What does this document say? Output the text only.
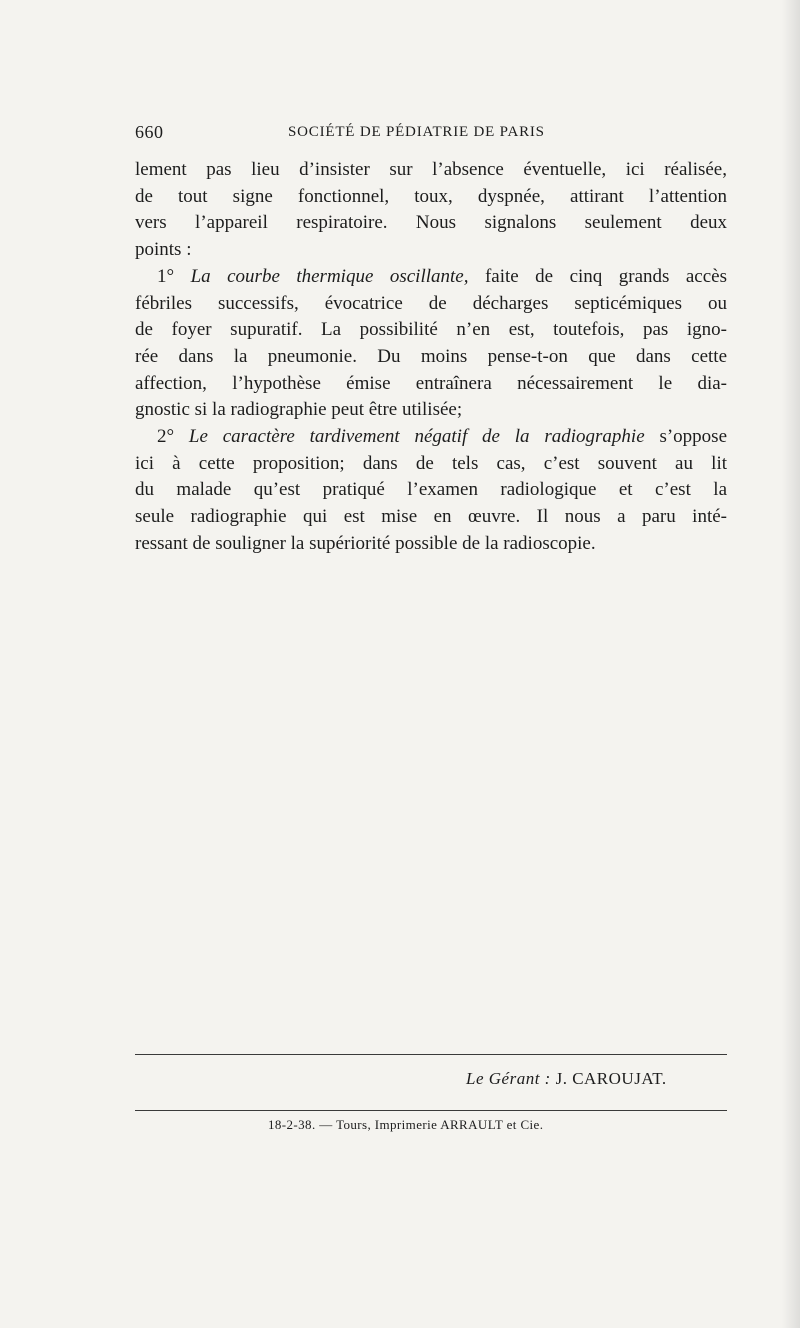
660	SOCIÉTÉ DE PÉDIATRIE DE PARIS
lement pas lieu d’insister sur l’absence éventuelle, ici réalisée,
de tout signe fonctionnel, toux, dyspnée, attirant l’attention
vers l’appareil respiratoire. Nous signalons seulement deux
points :
1° La courbe thermique oscillante, faite de cinq grands accès
fébriles successifs, évocatrice de décharges septicémiques ou
de foyer supuratif. La possibilité n’en est, toutefois, pas igno-
rée dans la pneumonie. Du moins pense-t-on que dans cette
affection, l’hypothèse émise entraînera nécessairement le dia-
gnostic si la radiographie peut être utilisée;
2° Le caractère tardivement négatif de la radiographie s’oppose
ici à cette proposition; dans de tels cas, c’est souvent au lit
du malade qu’est pratiqué l’examen radiologique et c’est la
seule radiographie qui est mise en œuvre. Il nous a paru inté-
ressant de souligner la supériorité possible de la radioscopie.
Le Gérant : J. CAROUJAT.
18-2-38. — Tours, Imprimerie ARRAULT et Cie.
